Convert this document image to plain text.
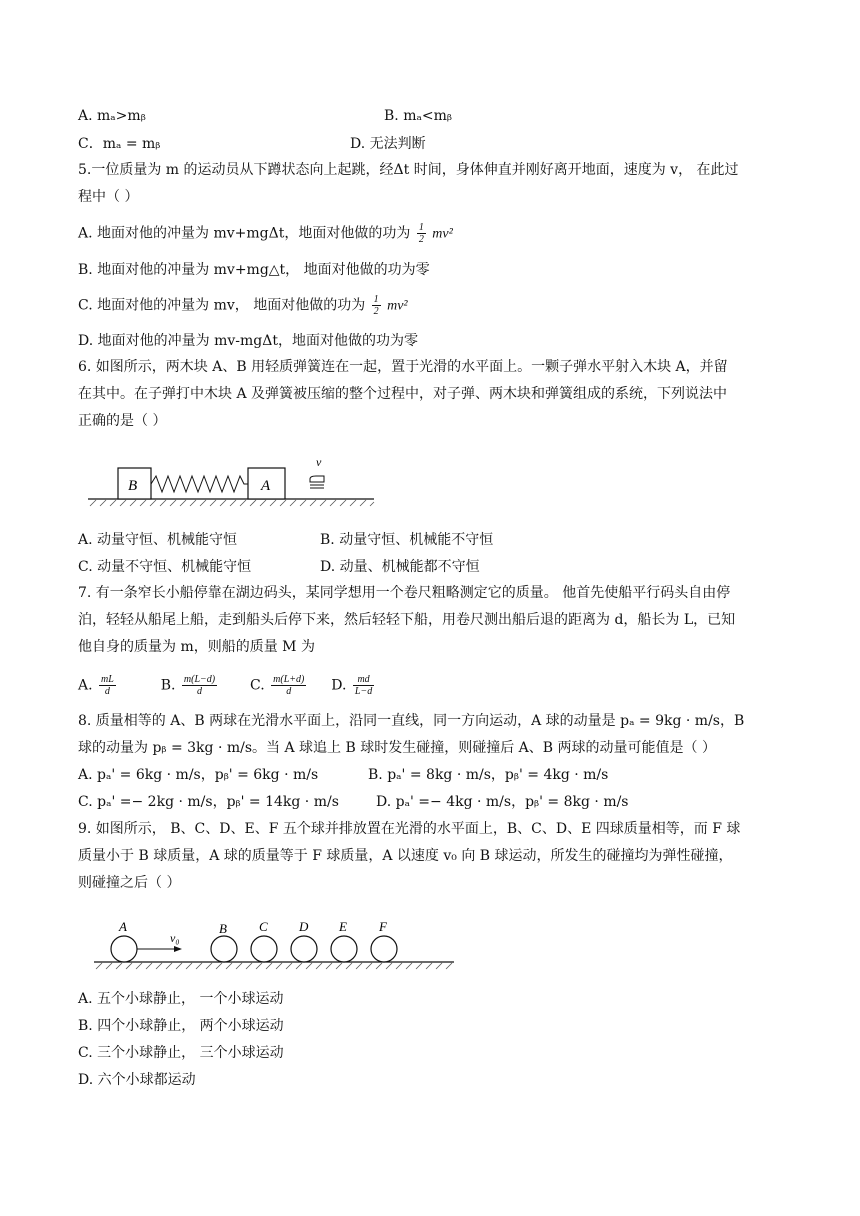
A. mₐ>mᵦ	B. mₐ<mᵦ
C．mₐ = mᵦ	D. 无法判断
5.一位质量为 m 的运动员从下蹲状态向上起跳，经Δt 时间，身体伸直并刚好离开地面，速度为 v， 在此过
程中（ ）
A. 地面对他的冲量为 mv+mgΔt，地面对他做的功为 $\frac{1}{2} mv^2$
B. 地面对他的冲量为 mv+mg△t， 地面对他做的功为零
C. 地面对他的冲量为 mv， 地面对他做的功为 $\frac{1}{2} mv^2$
D. 地面对他的冲量为 mv-mgΔt，地面对他做的功为零
6. 如图所示，两木块 A、B 用轻质弹簧连在一起，置于光滑的水平面上。一颗子弹水平射入木块 A，并留
在其中。在子弹打中木块 A 及弹簧被压缩的整个过程中，对子弹、两木块和弹簧组成的系统，下列说法中
正确的是（ ）
B	A
v
A. 动量守恒、机械能守恒	B. 动量守恒、机械能不守恒
C. 动量不守恒、机械能守恒	D. 动量、机械能都不守恒
7. 有一条窄长小船停靠在湖边码头，某同学想用一个卷尺粗略测定它的质量。 他首先使船平行码头自由停
泊，轻轻从船尾上船，走到船头后停下来，然后轻轻下船，用卷尺测出船后退的距离为 d，船长为 L，已知
他自身的质量为 m，则船的质量 M 为
A. $\frac{mL}{d}$	B. $\frac{m(L-d)}{d} C$. $\frac{m(L+d)}{d} D$. $\frac{md}{L-d}$
8. 质量相等的 A、B 两球在光滑水平面上，沿同一直线，同一方向运动，A 球的动量是 pₐ = 9kg · m/s，B
球的动量为 pᵦ = 3kg · m/s。当 A 球追上 B 球时发生碰撞，则碰撞后 A、B 两球的动量可能值是（ ）
A. pₐ' = 6kg · m/s，pᵦ' = 6kg · m/s	B. pₐ' = 8kg · m/s，pᵦ' = 4kg · m/s
C. pₐ' =− 2kg · m/s，pᵦ' = 14kg · m/s	D. pₐ' =− 4kg · m/s，pᵦ' = 8kg · m/s
9. 如图所示， B、C、D、E、F 五个球并排放置在光滑的水平面上，B、C、D、E 四球质量相等，而 F 球
质量小于 B 球质量，A 球的质量等于 F 球质量，A 以速度 v₀ 向 B 球运动，所发生的碰撞均为弹性碰撞，
则碰撞之后（ ）
v₀
A	B C D E F
A. 五个小球静止， 一个小球运动
B. 四个小球静止， 两个小球运动
C. 三个小球静止， 三个小球运动
D. 六个小球都运动
